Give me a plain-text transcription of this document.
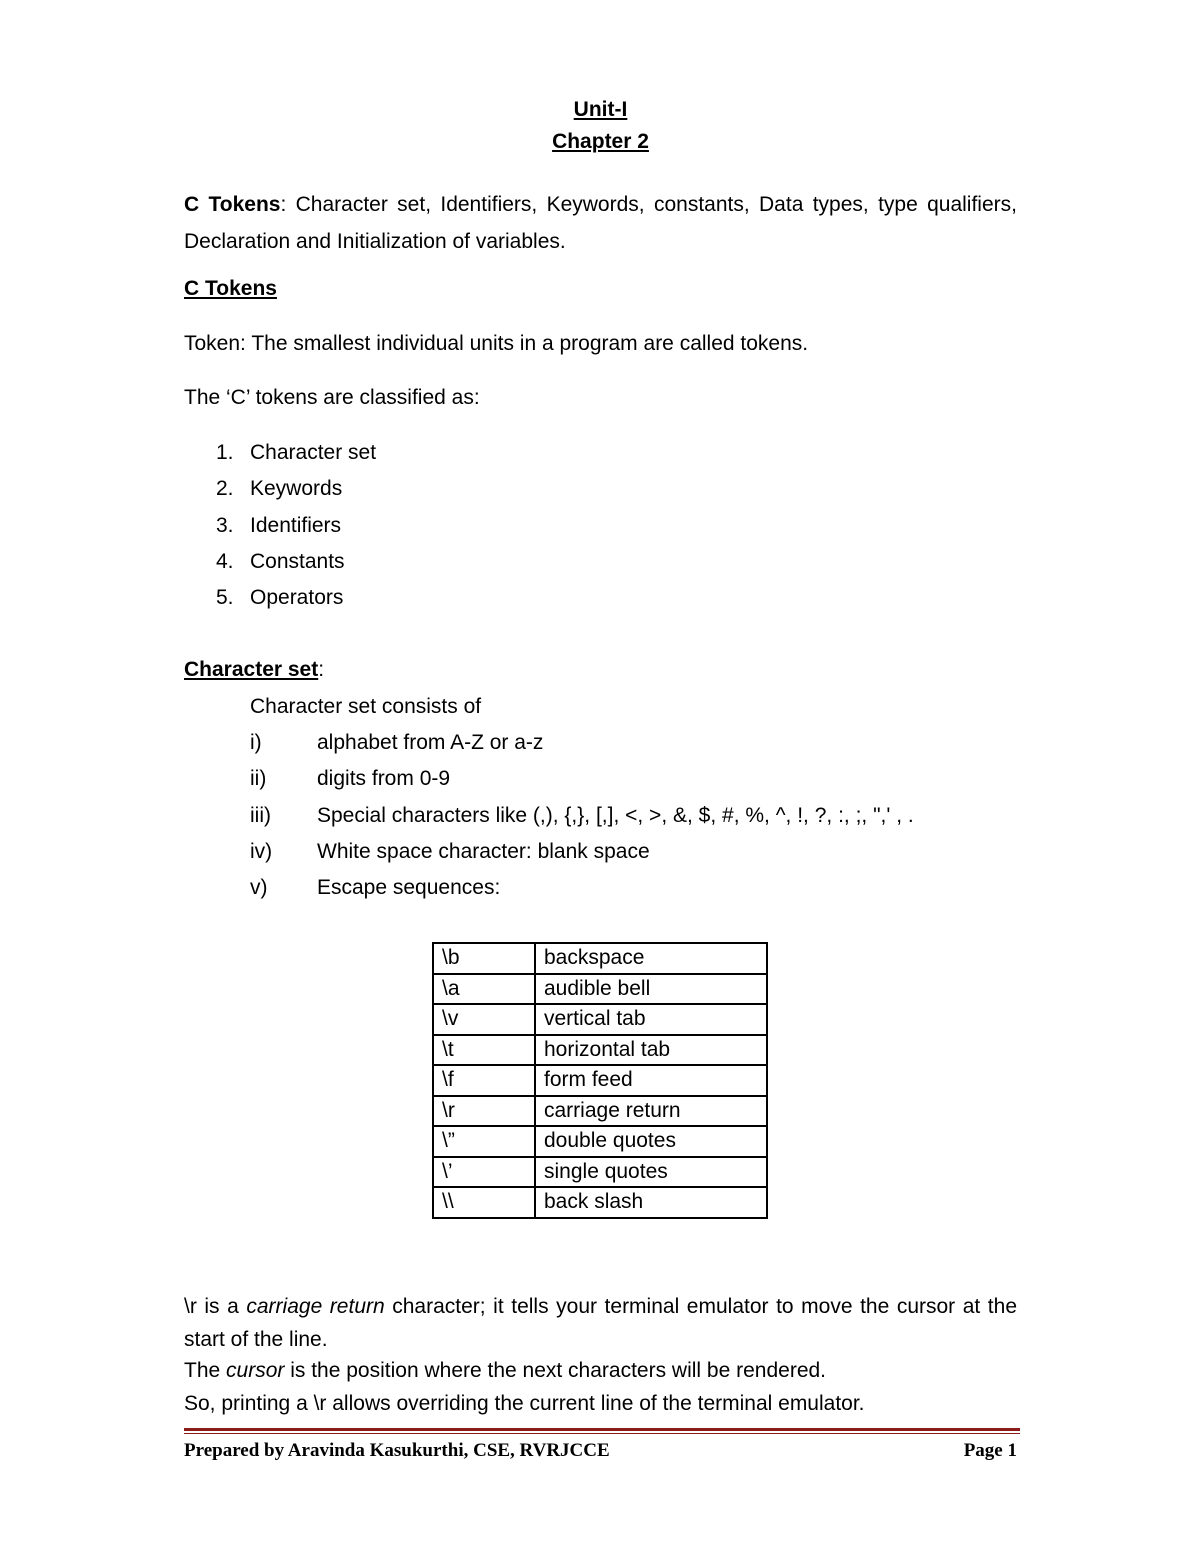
Unit-I
Chapter 2
C Tokens: Character set, Identifiers, Keywords, constants, Data types, type qualifiers, Declaration and Initialization of variables.
C Tokens
Token: The smallest individual units in a program are called tokens.
The ‘C’ tokens are classified as:
1. Character set
2. Keywords
3. Identifiers
4. Constants
5. Operators
Character set:
Character set consists of
i)	alphabet from A-Z or a-z
ii) digits from 0-9
iii) Special characters like (,), {,}, [,], <, >, &, $, #, %, ^, !, ?, :, ;, ",' , .
iv) White space character: blank space
v) Escape sequences:
\b	backspace
\a	audible bell
\v	vertical tab
\t	horizontal tab
\f	form feed
\r	carriage return
\”	double quotes
\’	single quotes
\\	back slash
\r is a carriage return character; it tells your terminal emulator to move the cursor at the start of the line.
The cursor is the position where the next characters will be rendered.
So, printing a \r allows overriding the current line of the terminal emulator.
Prepared by Aravinda Kasukurthi, CSE, RVRJCCE	Page 1
